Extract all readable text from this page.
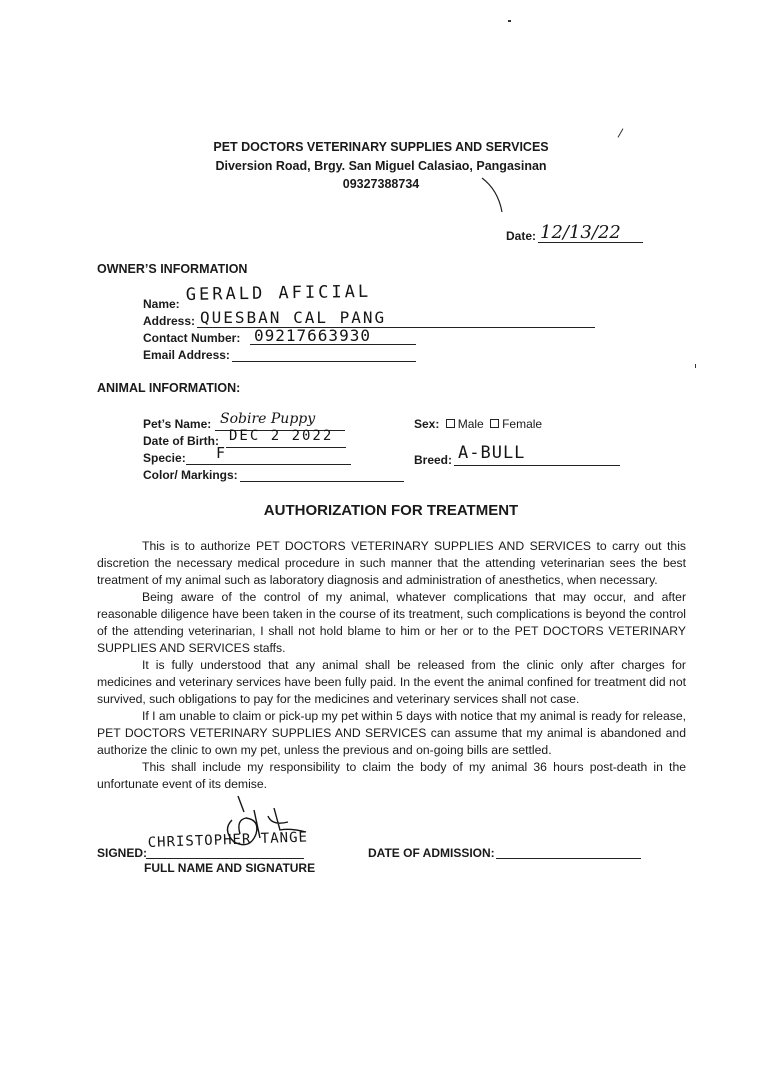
PET DOCTORS VETERINARY SUPPLIES AND SERVICES
Diversion Road, Brgy. San Miguel Calasiao, Pangasinan
09327388734
Date: 12/13/22
OWNER’S INFORMATION
Name: GERALD AFICIAL
Address: QUESBAN CAL PANG
Contact Number: 09217663930
Email Address:
ANIMAL INFORMATION:
Pet’s Name: Sobire Puppy
Date of Birth: DEC 2 2022
Specie: F
Color/ Markings:
Sex: Male Female
Breed: A-BULL
AUTHORIZATION FOR TREATMENT

This is to authorize PET DOCTORS VETERINARY SUPPLIES AND SERVICES to carry out this discretion the necessary medical procedure in such manner that the attending veterinarian sees the best treatment of my animal such as laboratory diagnosis and administration of anesthetics, when necessary.

Being aware of the control of my animal, whatever complications that may occur, and after reasonable diligence have been taken in the course of its treatment, such complications is beyond the control of the attending veterinarian, I shall not hold blame to him or her or to the PET DOCTORS VETERINARY SUPPLIES AND SERVICES staffs.

It is fully understood that any animal shall be released from the clinic only after charges for medicines and veterinary services have been fully paid. In the event the animal confined for treatment did not survived, such obligations to pay for the medicines and veterinary services shall not case.

If I am unable to claim or pick-up my pet within 5 days with notice that my animal is ready for release, PET DOCTORS VETERINARY SUPPLIES AND SERVICES can assume that my animal is abandoned and authorize the clinic to own my pet, unless the previous and on-going bills are settled.

This shall include my responsibility to claim the body of my animal 36 hours post-death in the unfortunate event of its demise.

SIGNED:
CHRISTOPHER TANGE
FULL NAME AND SIGNATURE
DATE OF ADMISSION:
